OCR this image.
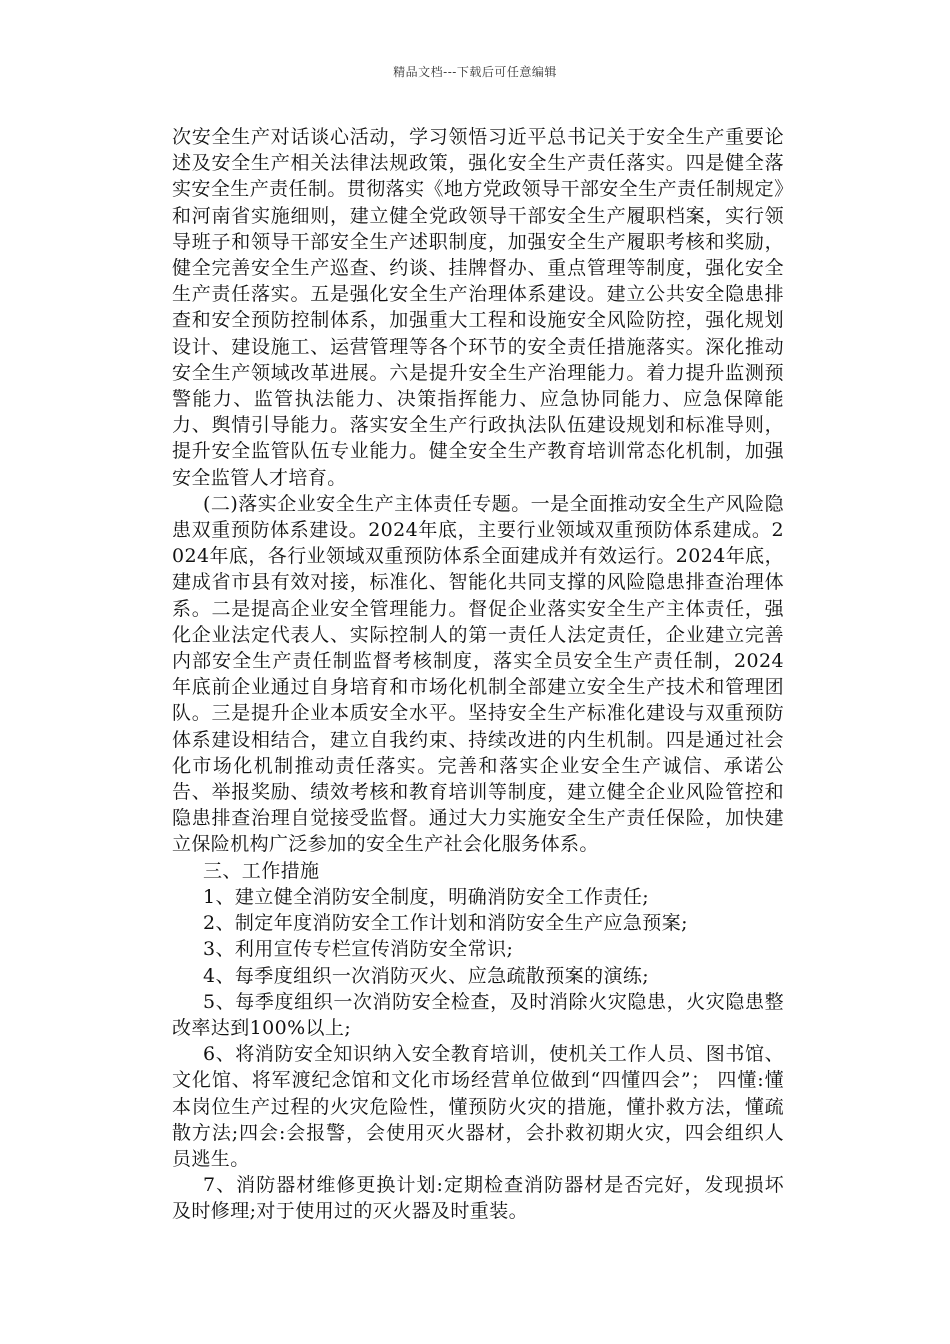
精品文档---下载后可任意编辑

次安全生产对话谈心活动，学习领悟习近平总书记关于安全生产重要论述及安全生产相关法律法规政策，强化安全生产责任落实。四是健全落实安全生产责任制。贯彻落实《地方党政领导干部安全生产责任制规定》和河南省实施细则，建立健全党政领导干部安全生产履职档案，实行领导班子和领导干部安全生产述职制度，加强安全生产履职考核和奖励，健全完善安全生产巡查、约谈、挂牌督办、重点管理等制度，强化安全生产责任落实。五是强化安全生产治理体系建设。建立公共安全隐患排查和安全预防控制体系，加强重大工程和设施安全风险防控，强化规划设计、建设施工、运营管理等各个环节的安全责任措施落实。深化推动安全生产领域改革进展。六是提升安全生产治理能力。着力提升监测预警能力、监管执法能力、决策指挥能力、应急协同能力、应急保障能力、舆情引导能力。落实安全生产行政执法队伍建设规划和标准导则，提升安全监管队伍专业能力。健全安全生产教育培训常态化机制，加强安全监管人才培育。

(二)落实企业安全生产主体责任专题。一是全面推动安全生产风险隐患双重预防体系建设。2024年底，主要行业领域双重预防体系建成。2024年底，各行业领域双重预防体系全面建成并有效运行。2024年底，建成省市县有效对接，标准化、智能化共同支撑的风险隐患排查治理体系。二是提高企业安全管理能力。督促企业落实安全生产主体责任，强化企业法定代表人、实际控制人的第一责任人法定责任，企业建立完善内部安全生产责任制监督考核制度，落实全员安全生产责任制，2024年底前企业通过自身培育和市场化机制全部建立安全生产技术和管理团队。三是提升企业本质安全水平。坚持安全生产标准化建设与双重预防体系建设相结合，建立自我约束、持续改进的内生机制。四是通过社会化市场化机制推动责任落实。完善和落实企业安全生产诚信、承诺公告、举报奖励、绩效考核和教育培训等制度，建立健全企业风险管控和隐患排查治理自觉接受监督。通过大力实施安全生产责任保险，加快建立保险机构广泛参加的安全生产社会化服务体系。

三、工作措施

1、建立健全消防安全制度，明确消防安全工作责任;

2、制定年度消防安全工作计划和消防安全生产应急预案;

3、利用宣传专栏宣传消防安全常识;

4、每季度组织一次消防灭火、应急疏散预案的演练;

5、每季度组织一次消防安全检查，及时消除火灾隐患，火灾隐患整改率达到100%以上;

6、将消防安全知识纳入安全教育培训，使机关工作人员、图书馆、文化馆、将军渡纪念馆和文化市场经营单位做到“四懂四会”； 四懂:懂本岗位生产过程的火灾危险性，懂预防火灾的措施，懂扑救方法，懂疏散方法;四会:会报警，会使用灭火器材，会扑救初期火灾，四会组织人员逃生。

7、消防器材维修更换计划:定期检查消防器材是否完好，发现损坏及时修理;对于使用过的灭火器及时重装。
